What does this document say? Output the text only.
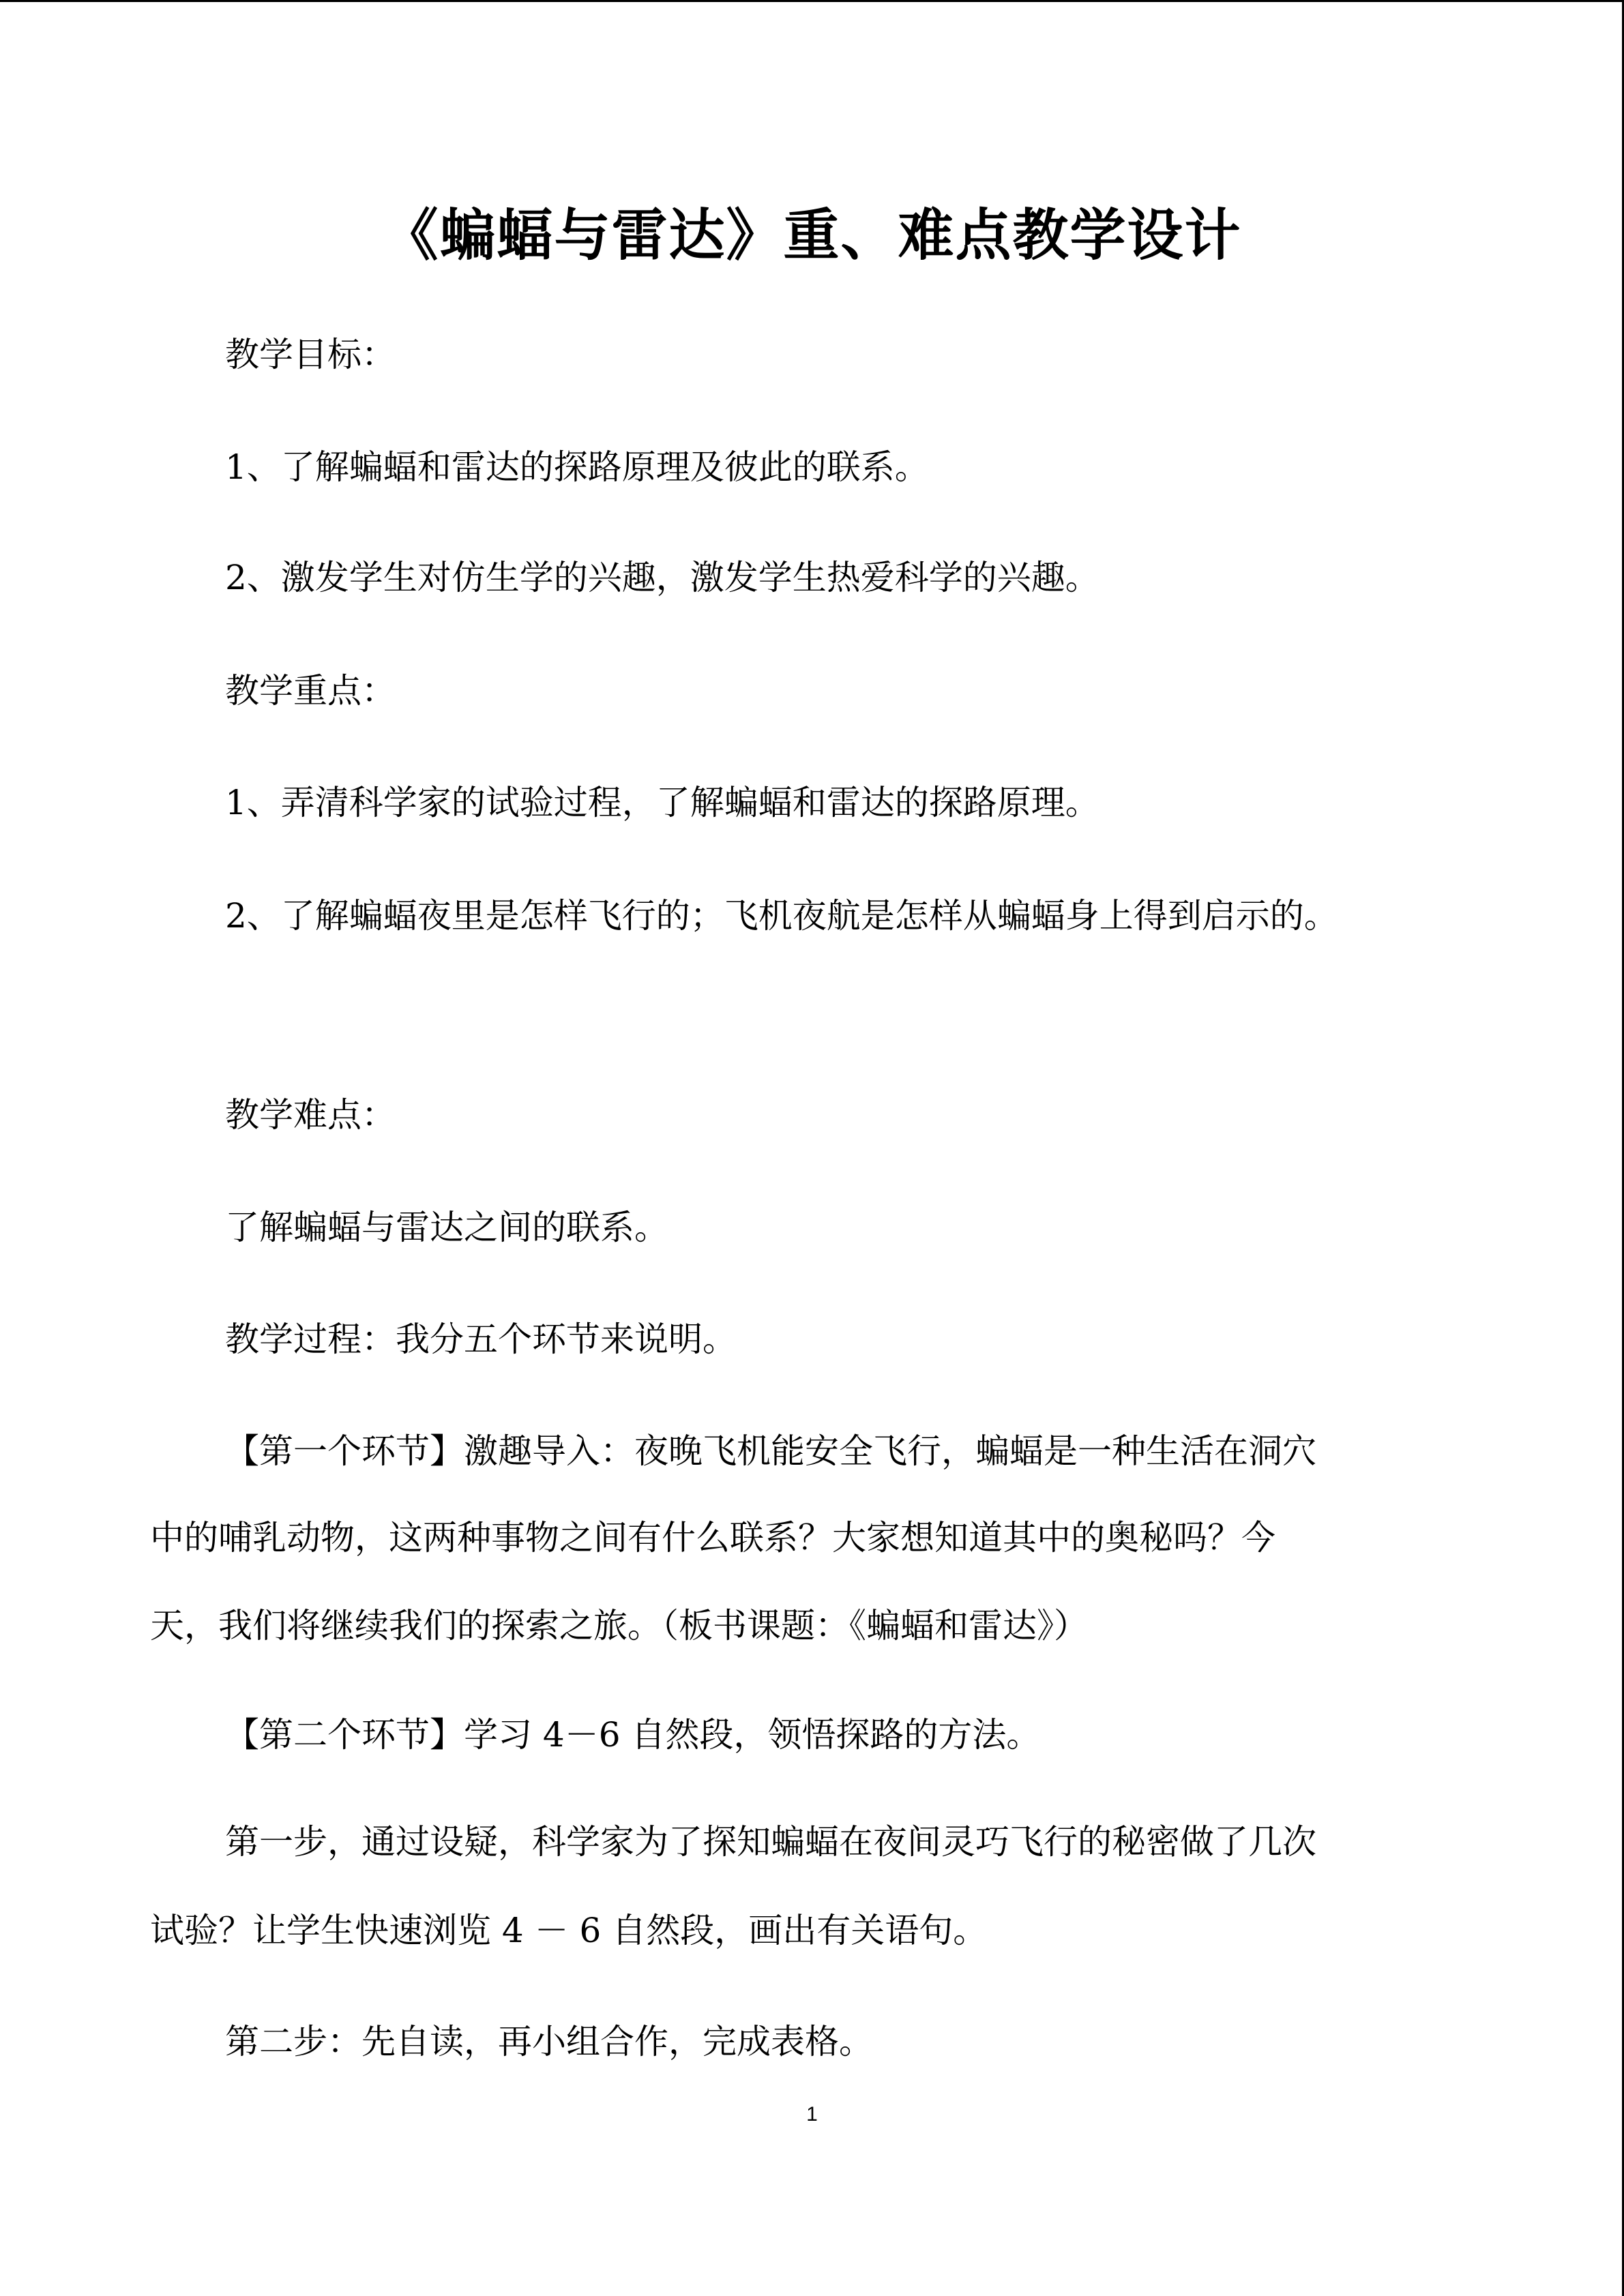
《蝙蝠与雷达》重、难点教学设计
教学目标：
1、了解蝙蝠和雷达的探路原理及彼此的联系。
2、激发学生对仿生学的兴趣，激发学生热爱科学的兴趣。
教学重点：
1、弄清科学家的试验过程，了解蝙蝠和雷达的探路原理。
2、了解蝙蝠夜里是怎样飞行的；飞机夜航是怎样从蝙蝠身上得到启示的。
教学难点：
了解蝙蝠与雷达之间的联系。
教学过程：我分五个环节来说明。
【第一个环节】激趣导入：夜晚飞机能安全飞行，蝙蝠是一种生活在洞穴
中的哺乳动物，这两种事物之间有什么联系？大家想知道其中的奥秘吗？今
天，我们将继续我们的探索之旅。（板书课题：《蝙蝠和雷达》）
【第二个环节】学习 4－6 自然段，领悟探路的方法。
第一步，通过设疑，科学家为了探知蝙蝠在夜间灵巧飞行的秘密做了几次
试验？让学生快速浏览 4 － 6 自然段，画出有关语句。
第二步：先自读，再小组合作，完成表格。
1
